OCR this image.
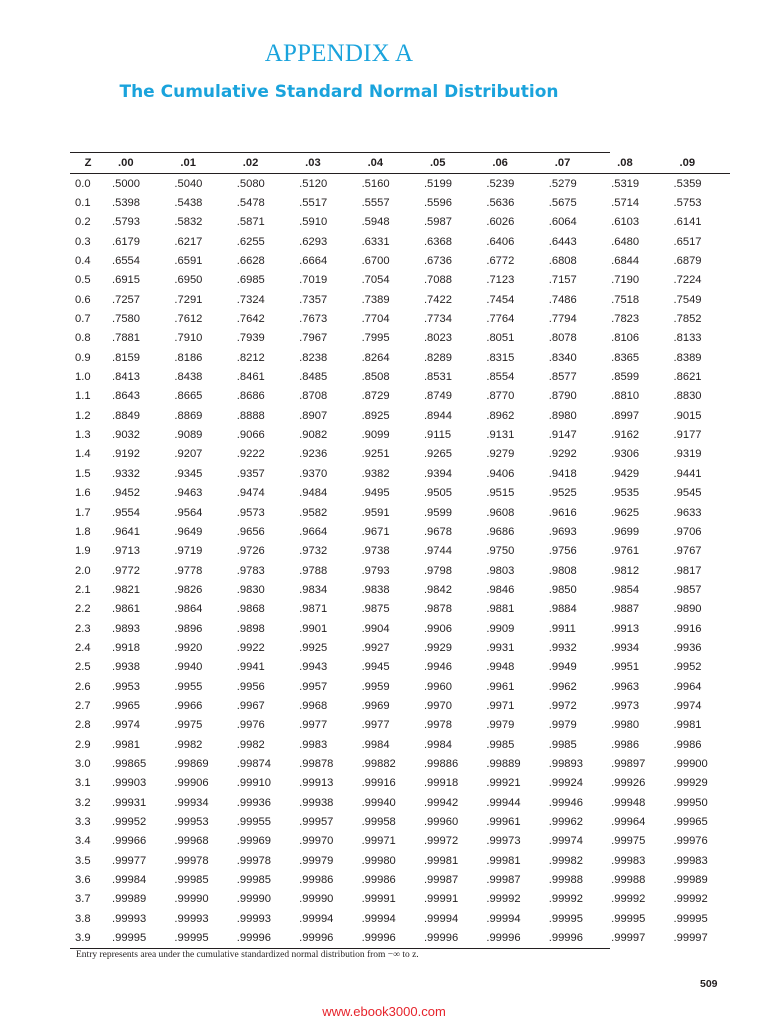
APPENDIX A
The Cumulative Standard Normal Distribution
Z	.00	.01	.02	.03	.04	.05	.06	.07	.08	.09
0.0	.5000	.5040	.5080	.5120	.5160	.5199	.5239	.5279	.5319	.5359
0.1	.5398	.5438	.5478	.5517	.5557	.5596	.5636	.5675	.5714	.5753
0.2	.5793	.5832	.5871	.5910	.5948	.5987	.6026	.6064	.6103	.6141
0.3	.6179	.6217	.6255	.6293	.6331	.6368	.6406	.6443	.6480	.6517
0.4	.6554	.6591	.6628	.6664	.6700	.6736	.6772	.6808	.6844	.6879
0.5	.6915	.6950	.6985	.7019	.7054	.7088	.7123	.7157	.7190	.7224
0.6	.7257	.7291	.7324	.7357	.7389	.7422	.7454	.7486	.7518	.7549
0.7	.7580	.7612	.7642	.7673	.7704	.7734	.7764	.7794	.7823	.7852
0.8	.7881	.7910	.7939	.7967	.7995	.8023	.8051	.8078	.8106	.8133
0.9	.8159	.8186	.8212	.8238	.8264	.8289	.8315	.8340	.8365	.8389
1.0	.8413	.8438	.8461	.8485	.8508	.8531	.8554	.8577	.8599	.8621
1.1	.8643	.8665	.8686	.8708	.8729	.8749	.8770	.8790	.8810	.8830
1.2	.8849	.8869	.8888	.8907	.8925	.8944	.8962	.8980	.8997	.9015
1.3	.9032	.9089	.9066	.9082	.9099	.9115	.9131	.9147	.9162	.9177
1.4	.9192	.9207	.9222	.9236	.9251	.9265	.9279	.9292	.9306	.9319
1.5	.9332	.9345	.9357	.9370	.9382	.9394	.9406	.9418	.9429	.9441
1.6	.9452	.9463	.9474	.9484	.9495	.9505	.9515	.9525	.9535	.9545
1.7	.9554	.9564	.9573	.9582	.9591	.9599	.9608	.9616	.9625	.9633
1.8	.9641	.9649	.9656	.9664	.9671	.9678	.9686	.9693	.9699	.9706
1.9	.9713	.9719	.9726	.9732	.9738	.9744	.9750	.9756	.9761	.9767
2.0	.9772	.9778	.9783	.9788	.9793	.9798	.9803	.9808	.9812	.9817
2.1	.9821	.9826	.9830	.9834	.9838	.9842	.9846	.9850	.9854	.9857
2.2	.9861	.9864	.9868	.9871	.9875	.9878	.9881	.9884	.9887	.9890
2.3	.9893	.9896	.9898	.9901	.9904	.9906	.9909	.9911	.9913	.9916
2.4	.9918	.9920	.9922	.9925	.9927	.9929	.9931	.9932	.9934	.9936
2.5	.9938	.9940	.9941	.9943	.9945	.9946	.9948	.9949	.9951	.9952
2.6	.9953	.9955	.9956	.9957	.9959	.9960	.9961	.9962	.9963	.9964
2.7	.9965	.9966	.9967	.9968	.9969	.9970	.9971	.9972	.9973	.9974
2.8	.9974	.9975	.9976	.9977	.9977	.9978	.9979	.9979	.9980	.9981
2.9	.9981	.9982	.9982	.9983	.9984	.9984	.9985	.9985	.9986	.9986
3.0	.99865	.99869	.99874	.99878	.99882	.99886	.99889	.99893	.99897	.99900
3.1	.99903	.99906	.99910	.99913	.99916	.99918	.99921	.99924	.99926	.99929
3.2	.99931	.99934	.99936	.99938	.99940	.99942	.99944	.99946	.99948	.99950
3.3	.99952	.99953	.99955	.99957	.99958	.99960	.99961	.99962	.99964	.99965
3.4	.99966	.99968	.99969	.99970	.99971	.99972	.99973	.99974	.99975	.99976
3.5	.99977	.99978	.99978	.99979	.99980	.99981	.99981	.99982	.99983	.99983
3.6	.99984	.99985	.99985	.99986	.99986	.99987	.99987	.99988	.99988	.99989
3.7	.99989	.99990	.99990	.99990	.99991	.99991	.99992	.99992	.99992	.99992
3.8	.99993	.99993	.99993	.99994	.99994	.99994	.99994	.99995	.99995	.99995
3.9	.99995	.99995	.99996	.99996	.99996	.99996	.99996	.99996	.99997	.99997
Entry represents area under the cumulative standardized normal distribution from −∞ to z.
509
www.ebook3000.com
